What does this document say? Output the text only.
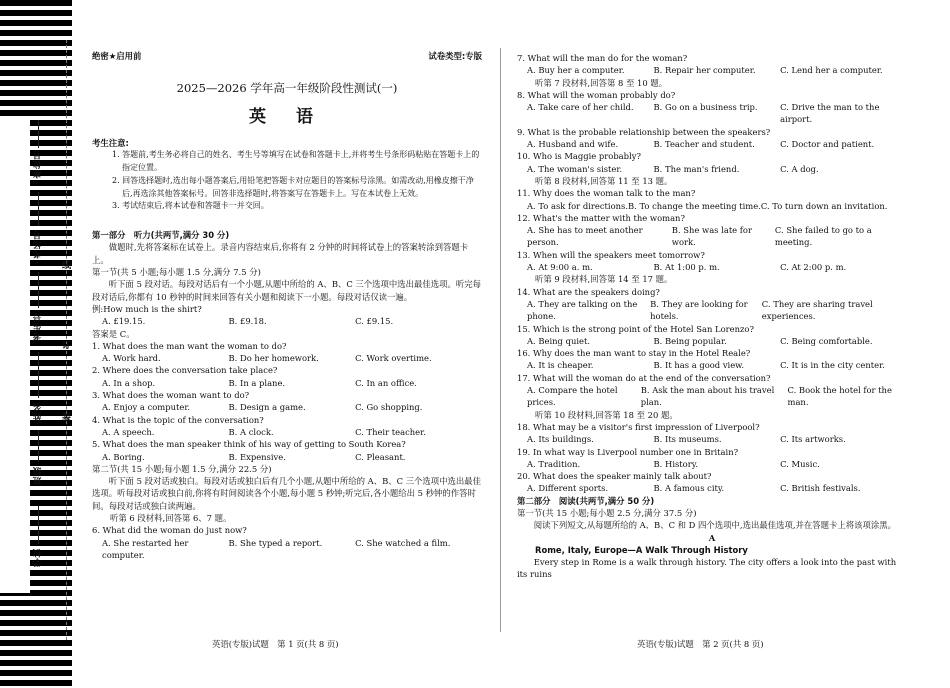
座位号
考场号
考生号
姓名
班级
学校
线
订
装
绝密★启用前	试卷类型:专版
2025—2026 学年高一年级阶段性测试(一)
英 语
考生注意:
1. 答题前,考生务必将自己的姓名、考生号等填写在试卷和答题卡上,并将考生号条形码粘贴在答题卡上的指定位置。
2. 回答选择题时,选出每小题答案后,用铅笔把答题卡对应题目的答案标号涂黑。如需改动,用橡皮擦干净后,再选涂其他答案标号。回答非选择题时,将答案写在答题卡上。写在本试卷上无效。
3. 考试结束后,将本试卷和答题卡一并交回。
第一部分　听力(共两节,满分 30 分)
做题时,先将答案标在试卷上。录音内容结束后,你将有 2 分钟的时间将试卷上的答案转涂到答题卡上。
第一节(共 5 小题;每小题 1.5 分,满分 7.5 分)
听下面 5 段对话。每段对话后有一个小题,从题中所给的 A、B、C 三个选项中选出最佳选项。听完每段对话后,你都有 10 秒钟的时间来回答有关小题和阅读下一小题。每段对话仅读一遍。
例:How much is the shirt?
A. £19.15.	B. £9.18.	C. £9.15.
答案是 C。
1. What does the man want the woman to do?
A. Work hard.	B. Do her homework.	C. Work overtime.
2. Where does the conversation take place?
A. In a shop.	B. In a plane.	C. In an office.
3. What does the woman want to do?
A. Enjoy a computer.	B. Design a game.	C. Go shopping.
4. What is the topic of the conversation?
A. A speech.	B. A clock.	C. Their teacher.
5. What does the man speaker think of his way of getting to South Korea?
A. Boring.	B. Expensive.	C. Pleasant.
第二节(共 15 小题;每小题 1.5 分,满分 22.5 分)
听下面 5 段对话或独白。每段对话或独白后有几个小题,从题中所给的 A、B、C 三个选项中选出最佳选项。听每段对话或独白前,你将有时间阅读各个小题,每小题 5 秒钟;听完后,各小题给出 5 秒钟的作答时间。每段对话或独白读两遍。
听第 6 段材料,回答第 6、7 题。
6. What did the woman do just now?
A. She restarted her computer.
B. She typed a report.	C. She watched a film.
7. What will the man do for the woman?
A. Buy her a computer.	B. Repair her computer.	C. Lend her a computer.
听第 7 段材料,回答第 8 至 10 题。
8. What will the woman probably do?
A. Take care of her child.	B. Go on a business trip.	C. Drive the man to the airport.
9. What is the probable relationship between the speakers?
A. Husband and wife.	B. Teacher and student.	C. Doctor and patient.
10. Who is Maggie probably?
A. The woman's sister.	B. The man's friend.	C. A dog.
听第 8 段材料,回答第 11 至 13 题。
11. Why does the woman talk to the man?
A. To ask for directions. B. To change the meeting time. C. To turn down an invitation.
12. What's the matter with the woman?
A. She has to meet another person.
B. She was late for work.
C. She failed to go to a meeting.
13. When will the speakers meet tomorrow?
A. At 9:00 a. m.	B. At 1:00 p. m.	C. At 2:00 p. m.
听第 9 段材料,回答第 14 至 17 题。
14. What are the speakers doing?
A. They are talking on the phone.
B. They are looking for hotels.
C. They are sharing travel experiences.
15. Which is the strong point of the Hotel San Lorenzo?
A. Being quiet.	B. Being popular.	C. Being comfortable.
16. Why does the man want to stay in the Hotel Reale?
A. It is cheaper.	B. It has a good view.	C. It is in the city center.
17. What will the woman do at the end of the conversation?
A. Compare the hotel prices.
B. Ask the man about his travel plan.
C. Book the hotel for the man.
听第 10 段材料,回答第 18 至 20 题。
18. What may be a visitor's first impression of Liverpool?
A. Its buildings.	B. Its museums.	C. Its artworks.
19. In what way is Liverpool number one in Britain?
A. Tradition.	B. History.	C. Music.
20. What does the speaker mainly talk about?
A. Different sports.	B. A famous city.	C. British festivals.
第二部分　阅读(共两节,满分 50 分)
第一节(共 15 小题;每小题 2.5 分,满分 37.5 分)
阅读下列短文,从每题所给的 A、B、C 和 D 四个选项中,选出最佳选项,并在答题卡上将该项涂黑。
A
Rome, Italy, Europe—A Walk Through History
Every step in Rome is a walk through history. The city offers a look into the past with its ruins
英语(专版)试题　第 1 页(共 8 页)	英语(专版)试题　第 2 页(共 8 页)
